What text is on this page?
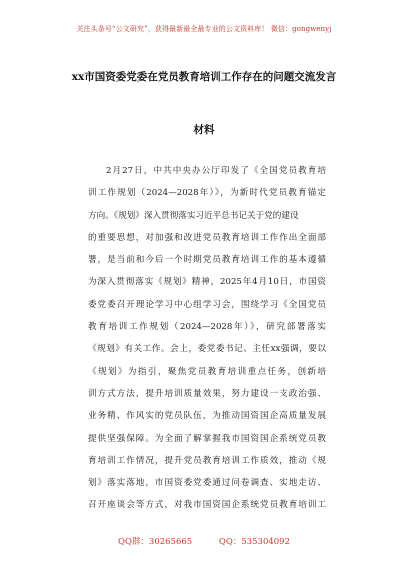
关注头条号“公文研究”，获得最新最全最专业的公文资料库！ 微信：gongwenyj
xx市国资委党委在党员教育培训工作存在的问题交流发言
材料
2月27日，中共中央办公厅印发了《全国党员教育培
训工作规划（2024—2028年）》，为新时代党员教育锚定
方向。《规划》深入贯彻落实习近平总书记关于党的建设
的重要思想，对加强和改进党员教育培训工作作出全面部
署，是当前和今后一个时期党员教育培训工作的基本遵循
为深入贯彻落实《规划》精神，2025年4月10日，市国资
委党委召开理论学习中心组学习会，围绕学习《全国党员
教育培训工作规划（2024—2028年）》，研究部署落实
《规划》有关工作。会上，委党委书记、主任xx强调，要以
《规划》为指引，聚焦党员教育培训重点任务，创新培
训方式方法，提升培训质量效果，努力建设一支政治强、
业务精、作风实的党员队伍，为推动国资国企高质量发展
提供坚强保障。为全面了解掌握我市国资国企系统党员教
育培训工作情况，提升党员教育培训工作质效，推动《规
划》落实落地，市国资委党委通过问卷调查、实地走访、
召开座谈会等方式，对我市国资国企系统党员教育培训工
QQ群：30265665	QQ：535304092
